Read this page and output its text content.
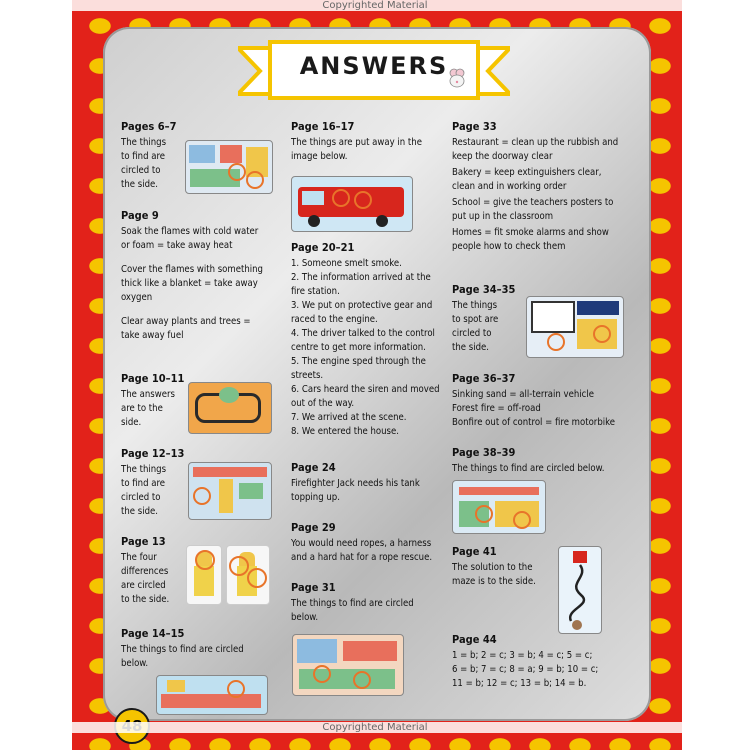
Copyrighted Material
ANSWERS
Pages 6–7
The things
to find are
circled to
the side.
Page 9
Soak the flames with cold water
or foam = take away heat
Cover the flames with something
thick like a blanket = take away
oxygen
Clear away plants and trees =
take away fuel
Page 10–11
The answers
are to the
side.
Page 12–13
The things
to find are
circled to
the side.
Page 13
The four
differences
are circled
to the side.
Page 14–15
The things to find are circled
below.
Page 16–17
The things are put away in the
image below.
Page 20–21
1. Someone smelt smoke.
2. The information arrived at the
fire station.
3. We put on protective gear and
raced to the engine.
4. The driver talked to the control
centre to get more information.
5. The engine sped through the
streets.
6. Cars heard the siren and moved
out of the way.
7. We arrived at the scene.
8. We entered the house.
Page 24
Firefighter Jack needs his tank
topping up.
Page 29
You would need ropes, a harness
and a hard hat for a rope rescue.
Page 31
The things to find are circled
below.
Page 33
Restaurant = clean up the rubbish and
keep the doorway clear
Bakery = keep extinguishers clear,
clean and in working order
School = give the teachers posters to
put up in the classroom
Homes = fit smoke alarms and show
people how to check them
Page 34–35
The things
to spot are
circled to
the side.
Page 36–37
Sinking sand = all-terrain vehicle
Forest fire = off-road
Bonfire out of control = fire motorbike
Page 38–39
The things to find are circled below.
Page 41
The solution to the
maze is to the side.
Page 44
1 = b; 2 = c; 3 = b; 4 = c; 5 = c;
6 = b; 7 = c; 8 = a; 9 = b; 10 = c;
11 = b; 12 = c; 13 = b; 14 = b.
Copyrighted Material
